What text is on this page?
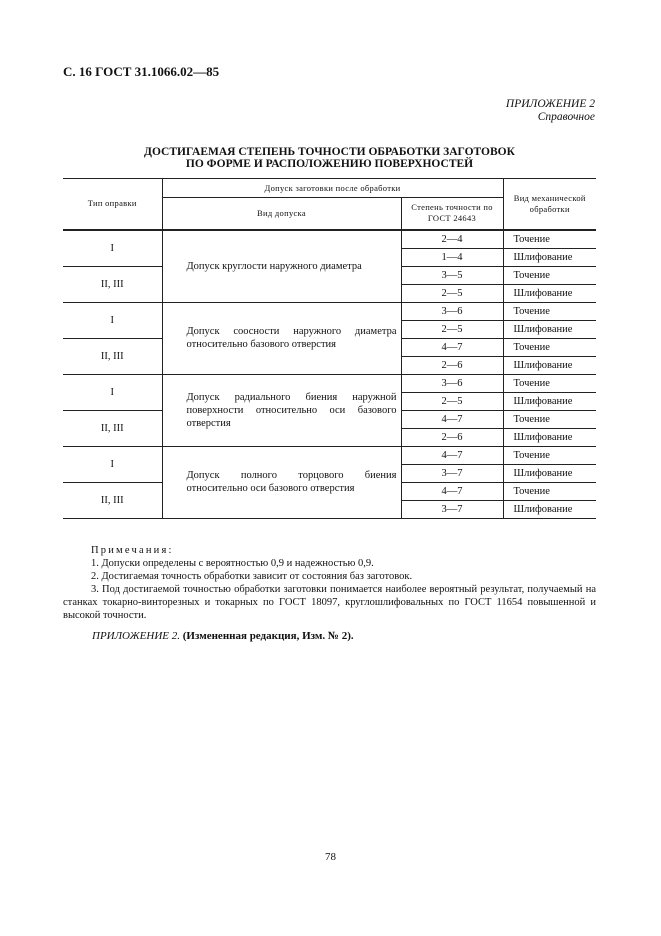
С. 16 ГОСТ 31.1066.02—85
ПРИЛОЖЕНИЕ 2
Справочное
ДОСТИГАЕМАЯ СТЕПЕНЬ ТОЧНОСТИ ОБРАБОТКИ ЗАГОТОВОК
ПО ФОРМЕ И РАСПОЛОЖЕНИЮ ПОВЕРХНОСТЕЙ
Тип оправки	Допуск заготовки после обработки		Вид механической обработки
	Вид допуска	Степень точности по ГОСТ 24643	
I	Допуск круглости наружного диаметра	2—4	Точение
		1—4	Шлифование
II, III		3—5	Точение
		2—5	Шлифование
I	Допуск соосности наружного диаметра относительно базового отверстия	3—6	Точение
		2—5	Шлифование
II, III		4—7	Точение
		2—6	Шлифование
I	Допуск радиального биения наружной поверхности относительно оси базового отверстия	3—6	Точение
		2—5	Шлифование
II, III		4—7	Точение
		2—6	Шлифование
I	Допуск полного торцового биения относительно оси базового отверстия	4—7	Точение
		3—7	Шлифование
II, III		4—7	Точение
		3—7	Шлифование

Примечания:

1. Допуски определены с вероятностью 0,9 и надежностью 0,9.

2. Достигаемая точность обработки зависит от состояния баз заготовок.

3. Под достигаемой точностью обработки заготовки понимается наиболее вероятный результат, получаемый на станках токарно-винторезных и токарных по ГОСТ 18097, круглошлифовальных по ГОСТ 11654 повышенной и высокой точности.

ПРИЛОЖЕНИЕ 2. (Измененная редакция, Изм. № 2).
78
